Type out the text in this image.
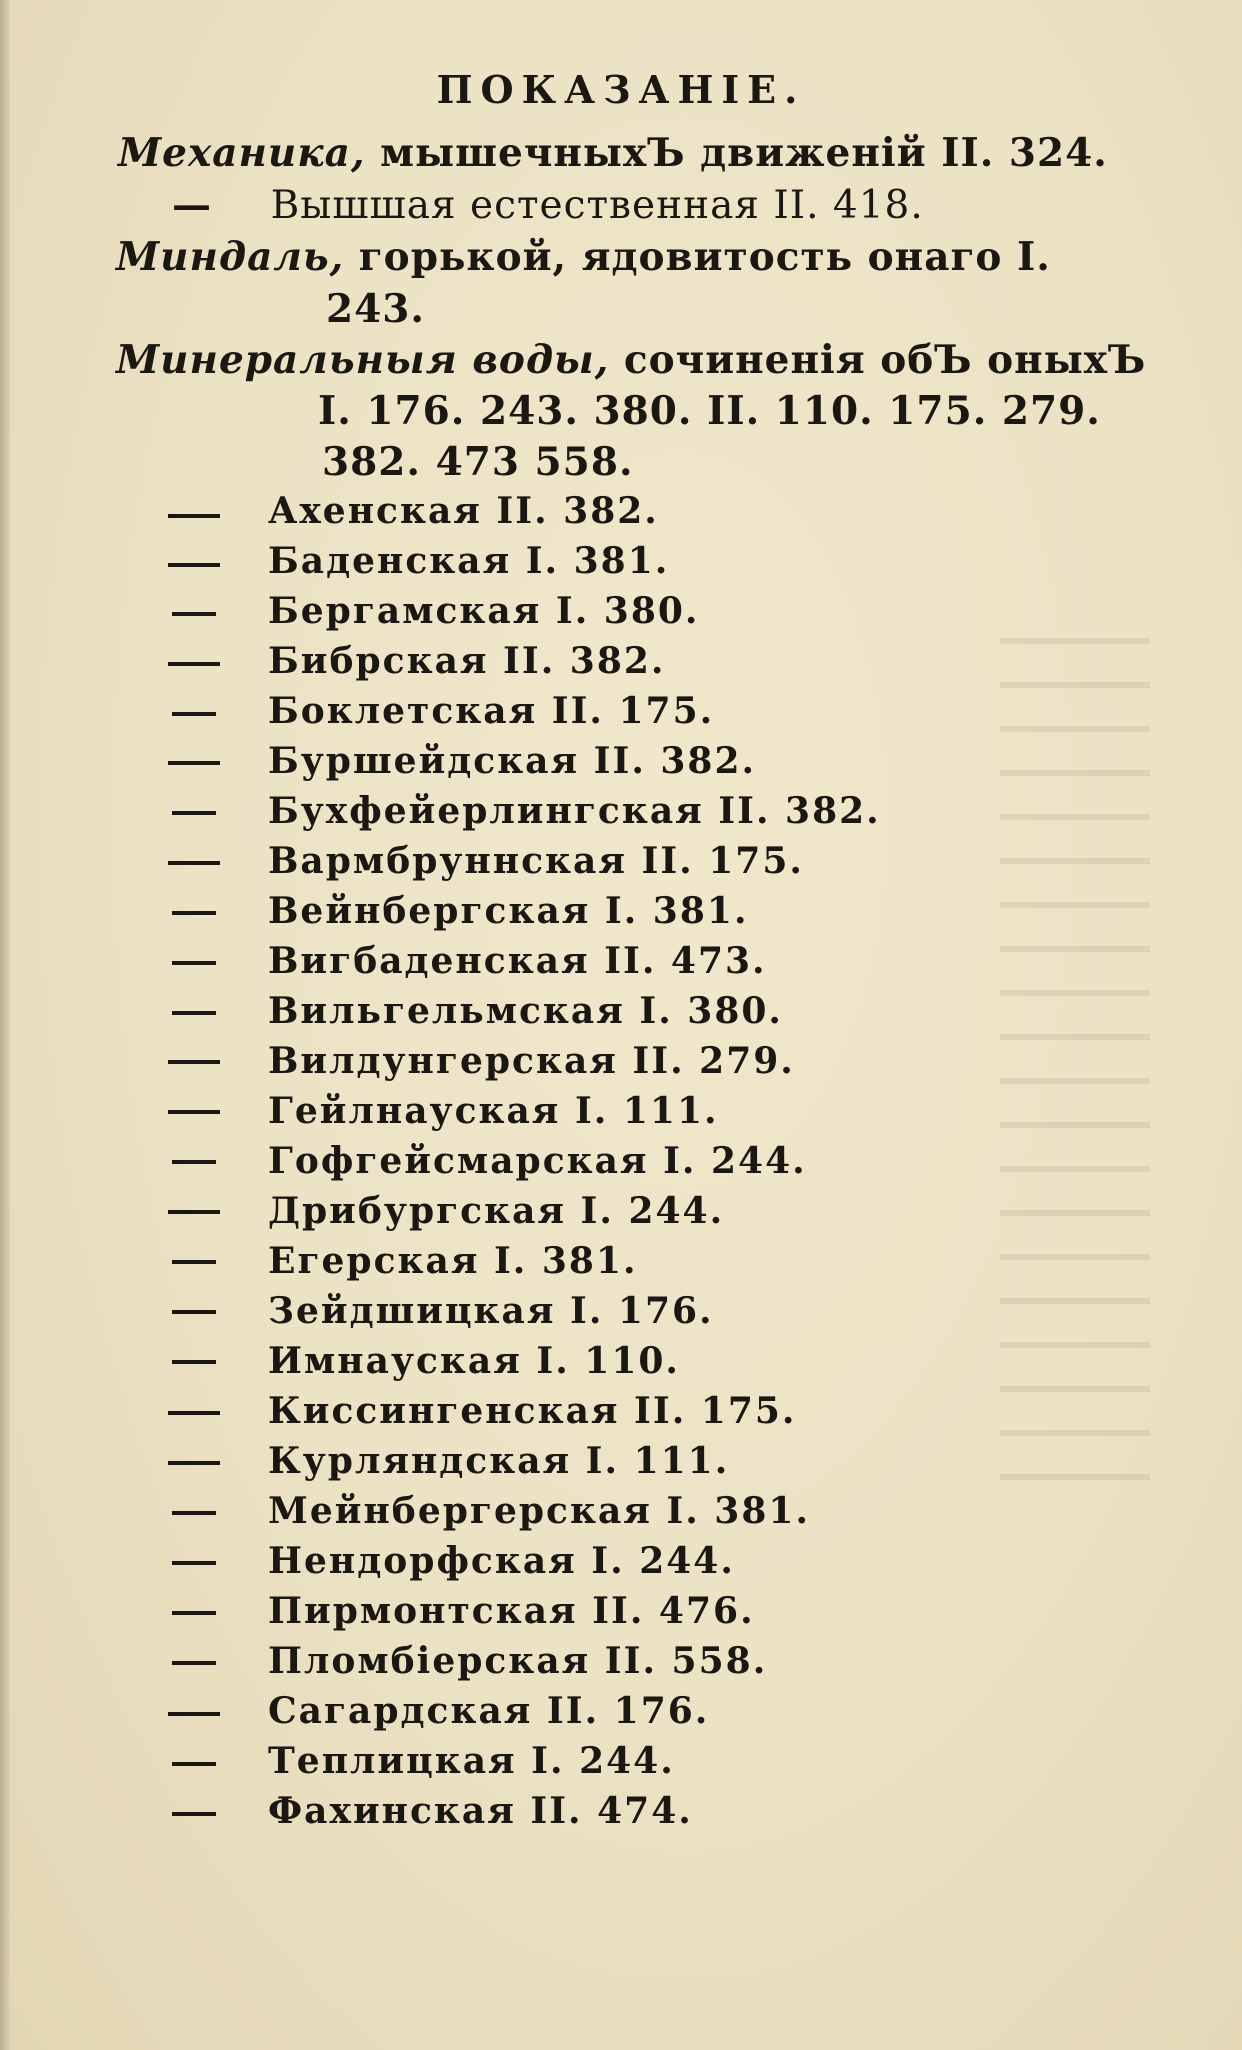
ПОКАЗАНІЕ.
Механика, мышечныхЪ движеній II. 324.
— Вышшая естественная II. 418.
Миндаль, горькой, ядовитость онаго I.
243.
Минеральныя воды, сочиненія обЪ оныхЪ
I. 176. 243. 380. II. 110. 175. 279.
382. 473 558.
Ахенская II. 382.
Баденская I. 381.
Бергамская I. 380.
Бибрская II. 382.
Боклетская II. 175.
Буршейдская II. 382.
Бухфейерлингская II. 382.
Вармбруннская II. 175.
Вейнбергская I. 381.
Вигбаденская II. 473.
Вильгельмская I. 380.
Вилдунгерская II. 279.
Гейлнауская I. 111.
Гофгейсмарская I. 244.
Дрибургская I. 244.
Егерская I. 381.
Зейдшицкая I. 176.
Имнауская I. 110.
Киссингенская II. 175.
Курляндская I. 111.
Мейнбергерская I. 381.
Нендорфская I. 244.
Пирмонтская II. 476.
Пломбіерская II. 558.
Сагардская II. 176.
Теплицкая I. 244.
Фахинская II. 474.
